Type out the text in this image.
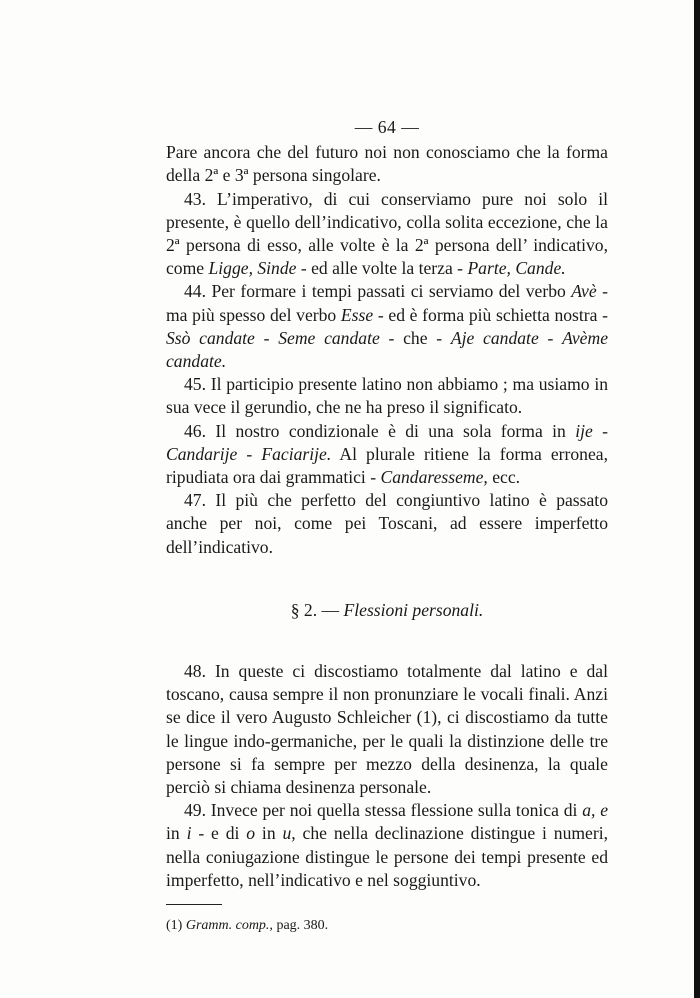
— 64 —

Pare ancora che del futuro noi non conosciamo che la forma della 2ª e 3ª persona singolare.

43. L’imperativo, di cui conserviamo pure noi solo il presente, è quello dell’indicativo, colla solita eccezione, che la 2ª persona di esso, alle volte è la 2ª persona dell’ indicativo, come Ligge, Sinde - ed alle volte la terza - Parte, Cande.

44. Per formare i tempi passati ci serviamo del verbo Avè - ma più spesso del verbo Esse - ed è forma più schietta nostra - Ssò candate - Seme candate - che - Aje candate - Avème candate.

45. Il participio presente latino non abbiamo ; ma usiamo in sua vece il gerundio, che ne ha preso il significato.

46. Il nostro condizionale è di una sola forma in ije - Candarije - Faciarije. Al plurale ritiene la forma erronea, ripudiata ora dai grammatici - Candaresseme, ecc.

47. Il più che perfetto del congiuntivo latino è passato anche per noi, come pei Toscani, ad essere imperfetto dell’indicativo.

§ 2. — Flessioni personali.

48. In queste ci discostiamo totalmente dal latino e dal toscano, causa sempre il non pronunziare le vocali finali. Anzi se dice il vero Augusto Schleicher (1), ci discostiamo da tutte le lingue indo-germaniche, per le quali la distinzione delle tre persone si fa sempre per mezzo della desinenza, la quale perciò si chiama desinenza personale.

49. Invece per noi quella stessa flessione sulla tonica di a, e in i - e di o in u, che nella declinazione distingue i numeri, nella coniugazione distingue le persone dei tempi presente ed imperfetto, nell’indicativo e nel soggiuntivo.

(1) Gramm. comp., pag. 380.
